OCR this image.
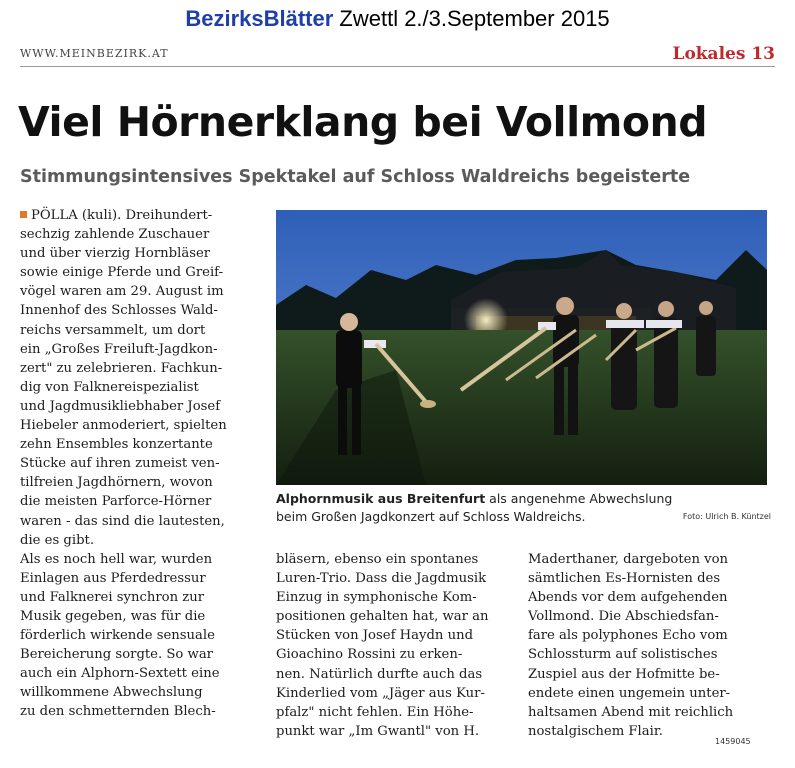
BezirksBlätter Zwettl 2./3.September 2015
WWW.MEINBEZIRK.AT	Lokales 13
Viel Hörnerklang bei Vollmond
Stimmungsintensives Spektakel auf Schloss Waldreichs begeisterte
PÖLLA (kuli). Dreihundert-

sechzig zahlende Zuschauer
und über vierzig Hornbläser
sowie einige Pferde und Greif-
vögel waren am 29. August im
Innenhof des Schlosses Wald-
reichs versammelt, um dort
ein „Großes Freiluft-Jagdkon-
zert" zu zelebrieren. Fachkun-
dig von Falknereispezialist
und Jagdmusikliebhaber Josef
Hiebeler anmoderiert, spielten
zehn Ensembles konzertante
Stücke auf ihren zumeist ven-
tilfreien Jagdhörnern, wovon
die meisten Parforce-Hörner
waren - das sind die lautesten,
die es gibt.
Als es noch hell war, wurden
Einlagen aus Pferdedressur
und Falknerei synchron zur
Musik gegeben, was für die
förderlich wirkende sensuale
Bereicherung sorgte. So war
auch ein Alphorn-Sextett eine
willkommene Abwechslung
zu den schmetternden Blech-
Alphornmusik aus Breitenfurt als angenehme Abwechslung
beim Großen Jagdkonzert auf Schloss Waldreichs.	Foto: Ulrich B. Küntzel
bläsern, ebenso ein spontanes
Luren-Trio. Dass die Jagdmusik
Einzug in symphonische Kom-
positionen gehalten hat, war an
Stücken von Josef Haydn und
Gioachino Rossini zu erken-
nen. Natürlich durfte auch das
Kinderlied vom „Jäger aus Kur-
pfalz" nicht fehlen. Ein Höhe-
punkt war „Im Gwantl" von H.
Maderthaner, dargeboten von
sämtlichen Es-Hornisten des
Abends vor dem aufgehenden
Vollmond. Die Abschiedsfan-
fare als polyphones Echo vom
Schlossturm auf solistisches
Zuspiel aus der Hofmitte be-
endete einen ungemein unter-
haltsamen Abend mit reichlich
nostalgischem Flair.
1459045
